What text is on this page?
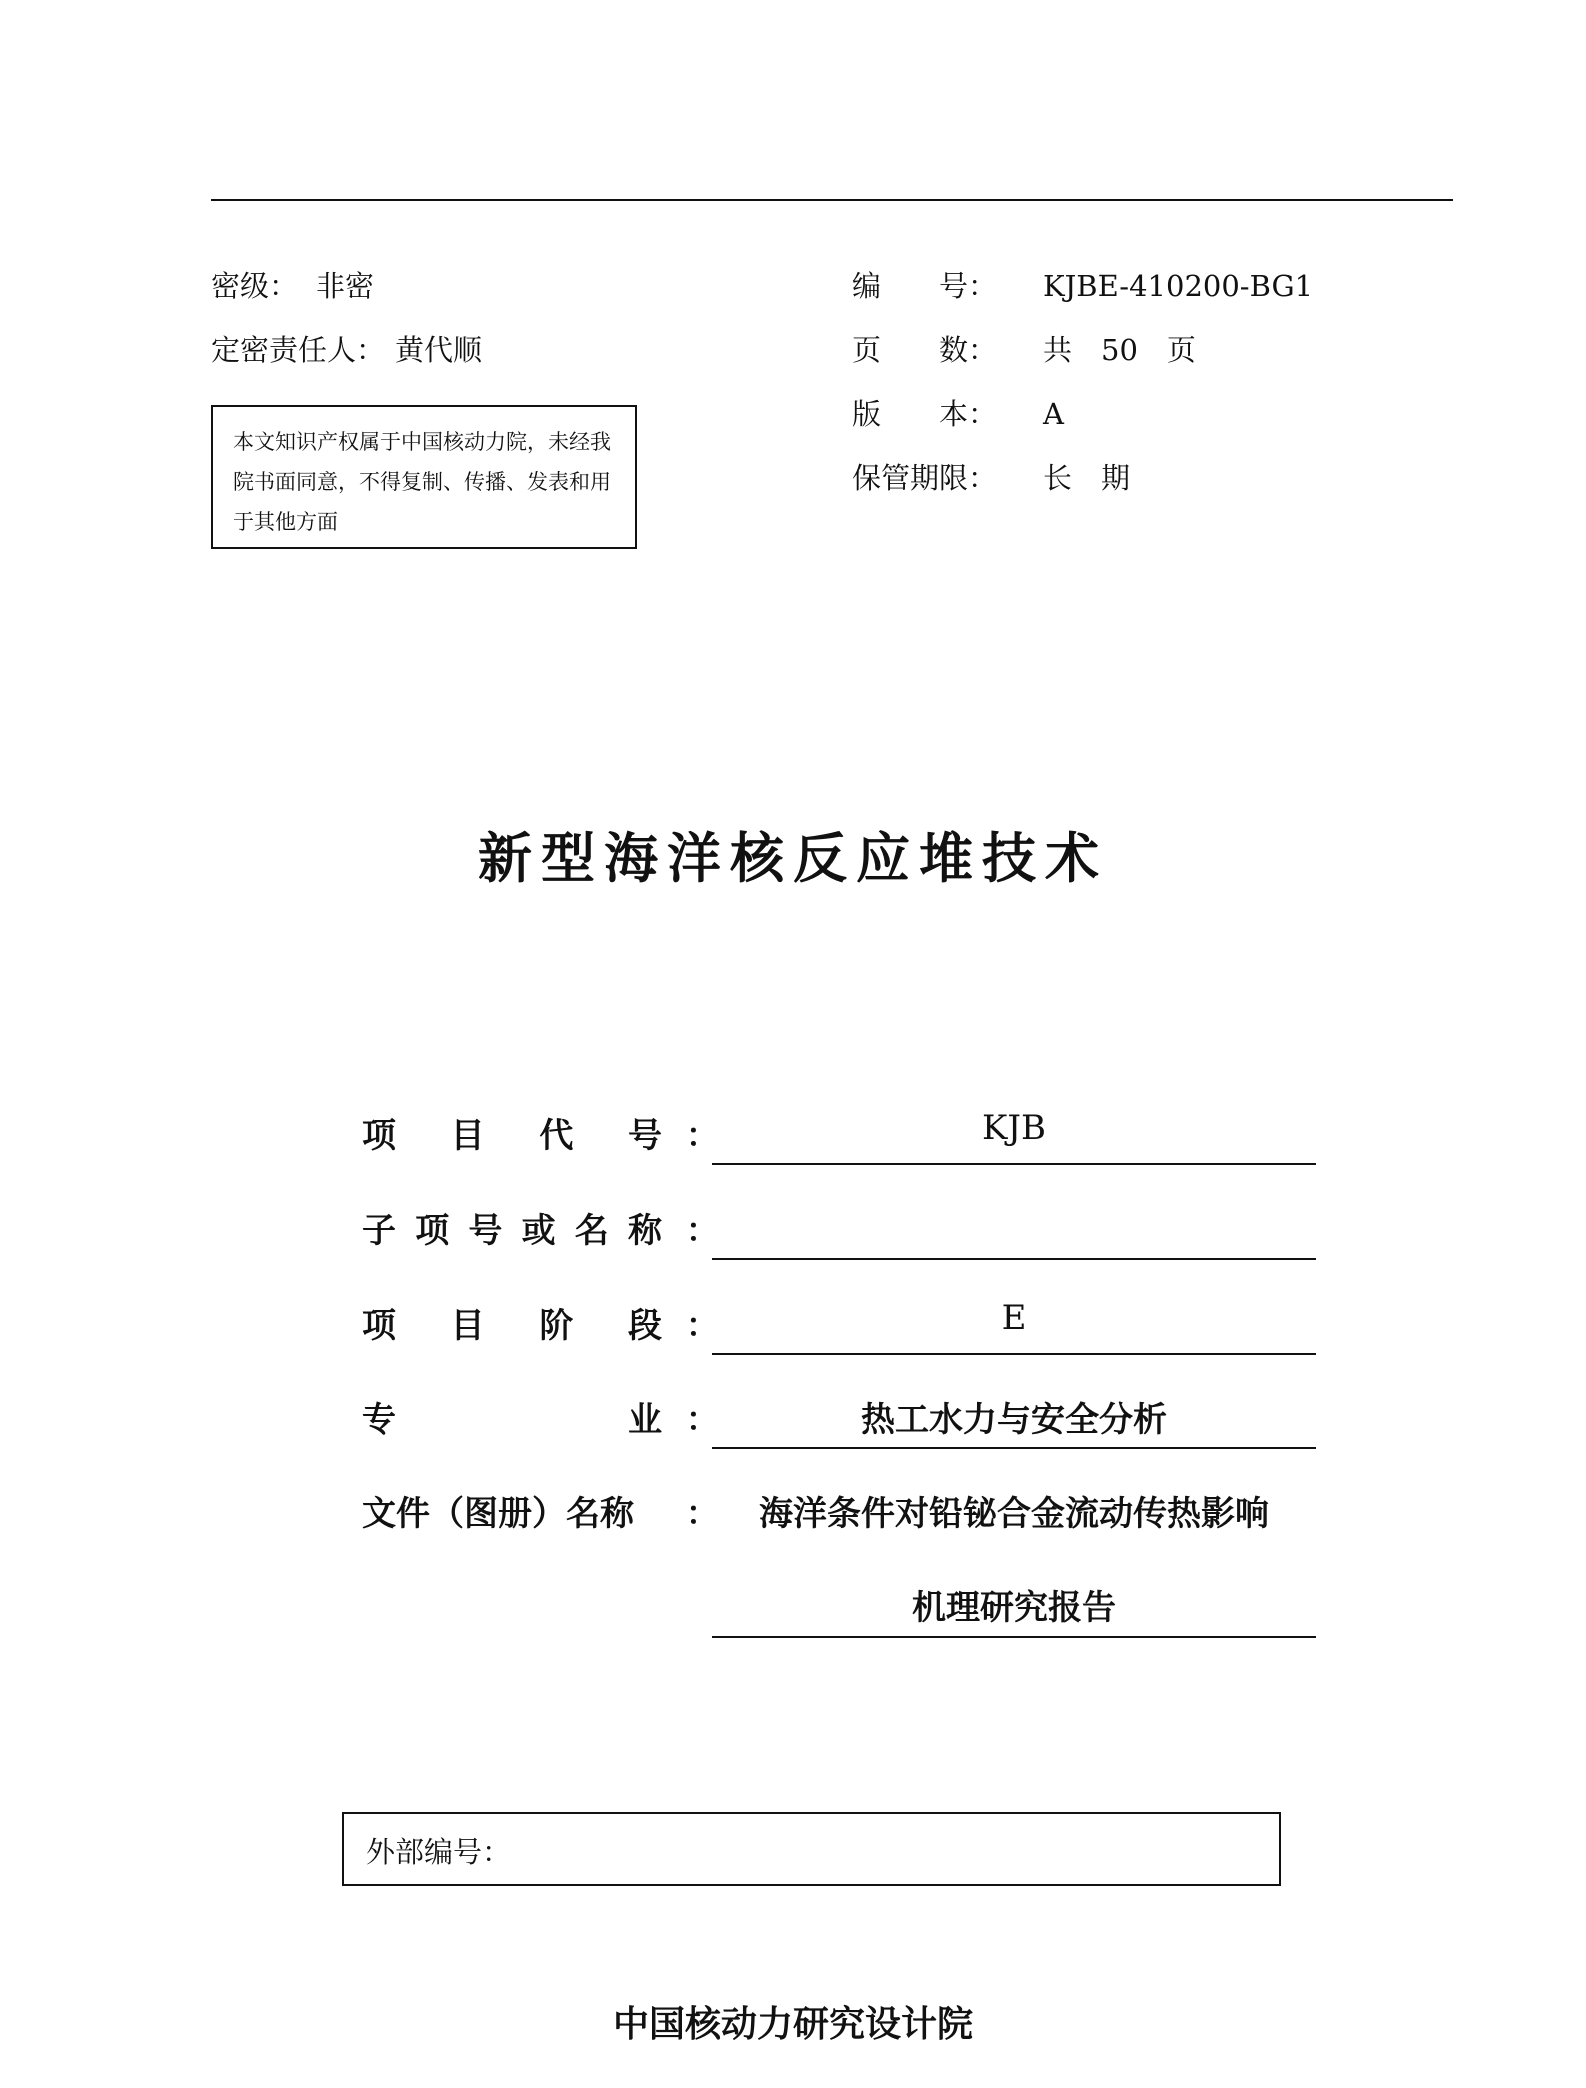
密级： 非密
定密责任人： 黄代顺
编　　号： KJBE-410200-BG1
页　　数： 共　50　页
版　　本： A
保管期限： 长　期
本文知识产权属于中国核动力院，未经我院书面同意，不得复制、传播、发表和用于其他方面
新型海洋核反应堆技术
项 目 代 号 ：	KJB
子 项 号 或 名 称 ：
项 目 阶 段 ：	E
专	业 ：	热工水力与安全分析
文件（图册）名称 ：	海洋条件对铅铋合金流动传热影响
机理研究报告
外部编号：
中国核动力研究设计院
